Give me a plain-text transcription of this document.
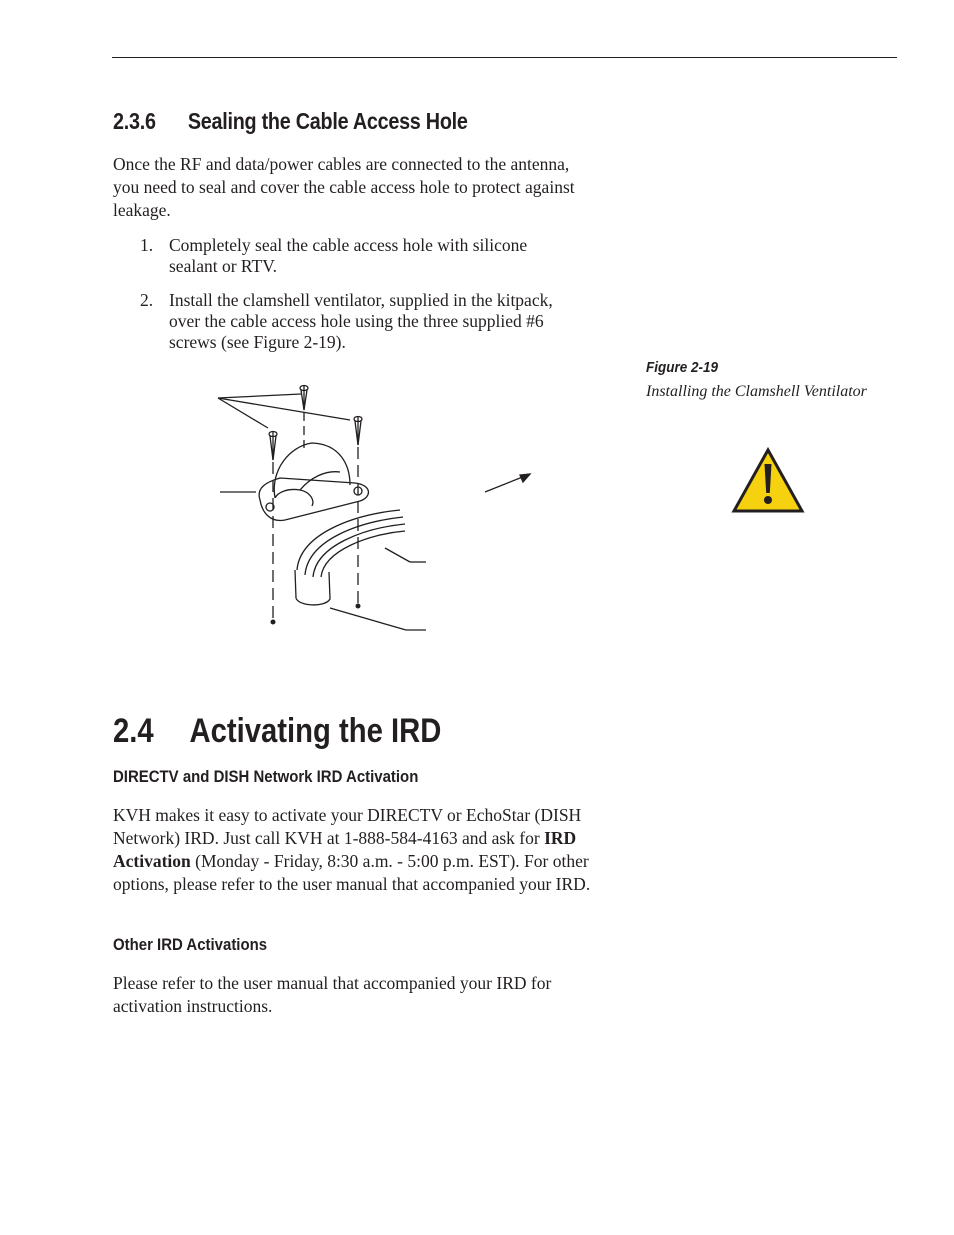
2.3.6 Sealing the Cable Access Hole

Once the RF and data/power cables are connected to the antenna, you need to seal and cover the cable access hole to protect against leakage.

1. Completely seal the cable access hole with silicone sealant or RTV.
2. Install the clamshell ventilator, supplied in the kitpack, over the cable access hole using the three supplied #6 screws (see Figure 2-19).
Figure 2-19
Installing the Clamshell Ventilator
2.4 Activating the IRD
DIRECTV and DISH Network IRD Activation

KVH makes it easy to activate your DIRECTV or EchoStar (DISH Network) IRD. Just call KVH at 1-888-584-4163 and ask for IRD Activation (Monday - Friday, 8:30 a.m. - 5:00 p.m. EST). For other options, please refer to the user manual that accompanied your IRD.

Other IRD Activations

Please refer to the user manual that accompanied your IRD for activation instructions.
